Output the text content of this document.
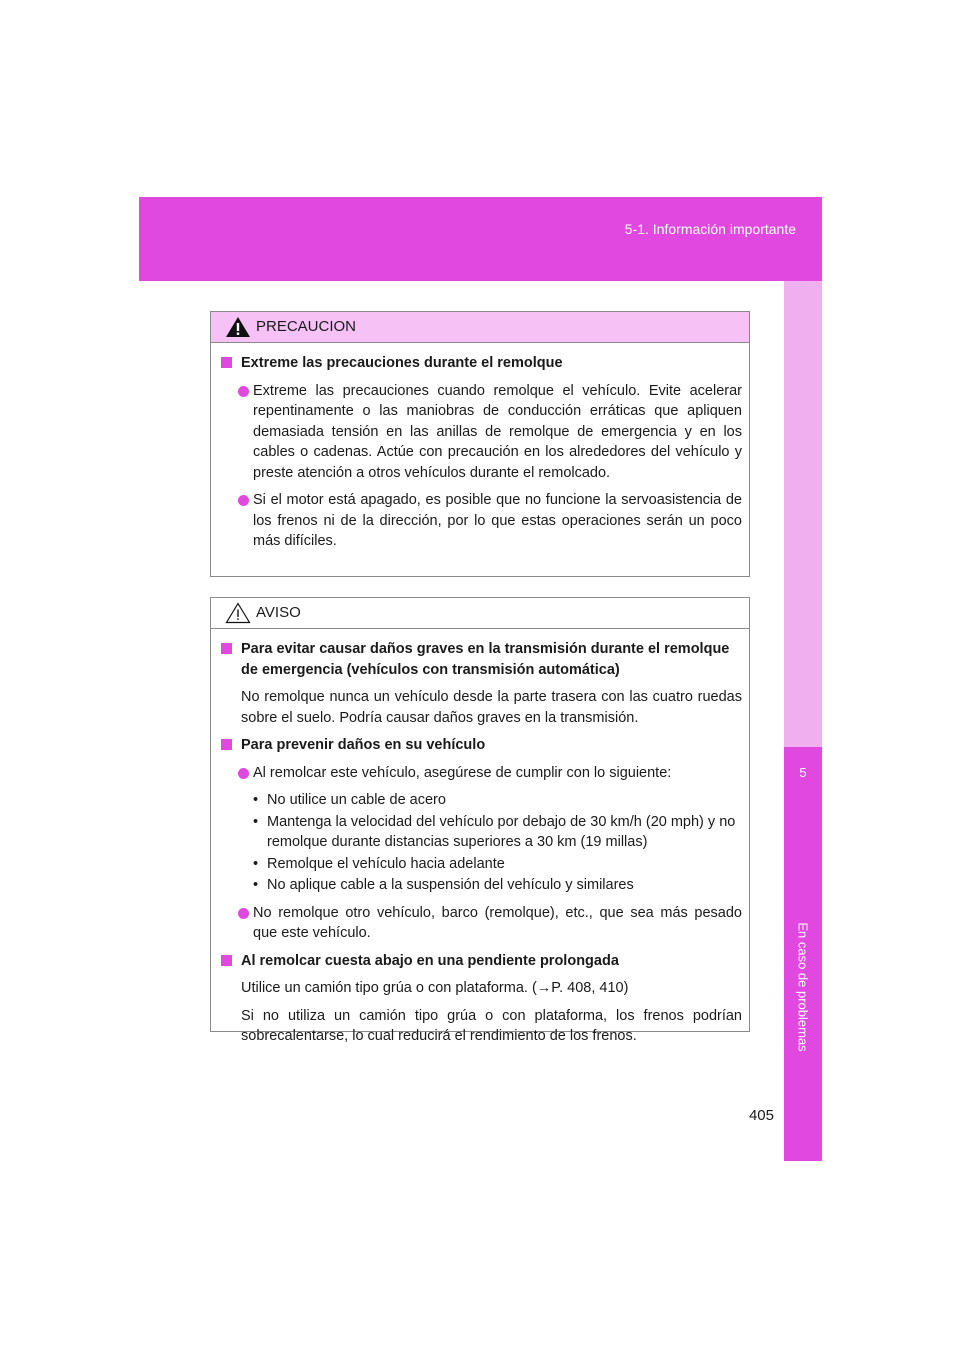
5-1. Información importante
5
En caso de problemas
PRECAUCION
Extreme las precauciones durante el remolque
Extreme las precauciones cuando remolque el vehículo. Evite acelerar repentinamente o las maniobras de conducción erráticas que apliquen demasiada tensión en las anillas de remolque de emergencia y en los cables o cadenas. Actúe con precaución en los alrededores del vehículo y preste atención a otros vehículos durante el remolcado.
Si el motor está apagado, es posible que no funcione la servoasistencia de los frenos ni de la dirección, por lo que estas operaciones serán un poco más difíciles.
AVISO
Para evitar causar daños graves en la transmisión durante el remolque de emergencia (vehículos con transmisión automática)
No remolque nunca un vehículo desde la parte trasera con las cuatro ruedas sobre el suelo. Podría causar daños graves en la transmisión.
Para prevenir daños en su vehículo
Al remolcar este vehículo, asegúrese de cumplir con lo siguiente:
• No utilice un cable de acero
• Mantenga la velocidad del vehículo por debajo de 30 km/h (20 mph) y no remolque durante distancias superiores a 30 km (19 millas)
• Remolque el vehículo hacia adelante
• No aplique cable a la suspensión del vehículo y similares
No remolque otro vehículo, barco (remolque), etc., que sea más pesado que este vehículo.
Al remolcar cuesta abajo en una pendiente prolongada
Utilice un camión tipo grúa o con plataforma. (→P. 408, 410)
Si no utiliza un camión tipo grúa o con plataforma, los frenos podrían sobrecalentarse, lo cual reducirá el rendimiento de los frenos.
405
